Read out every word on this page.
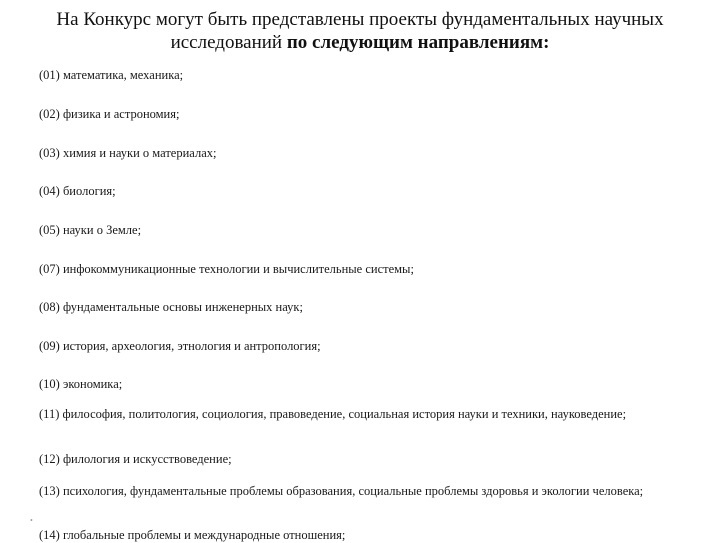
На Конкурс могут быть представлены проекты фундаментальных научных
исследований по следующим направлениям:
(01) математика, механика;
(02) физика и астрономия;
(03) химия и науки о материалах;
(04) биология;
(05) науки о Земле;
(07) инфокоммуникационные технологии и вычислительные системы;
(08) фундаментальные основы инженерных наук;
(09) история, археология, этнология и антропология;
(10) экономика;
(11) философия, политология, социология, правоведение, социальная история науки и техники, науковедение;
(12) филология и искусствоведение;
(13) психология, фундаментальные проблемы образования, социальные проблемы здоровья и экологии человека;
(14) глобальные проблемы и международные отношения;
•
